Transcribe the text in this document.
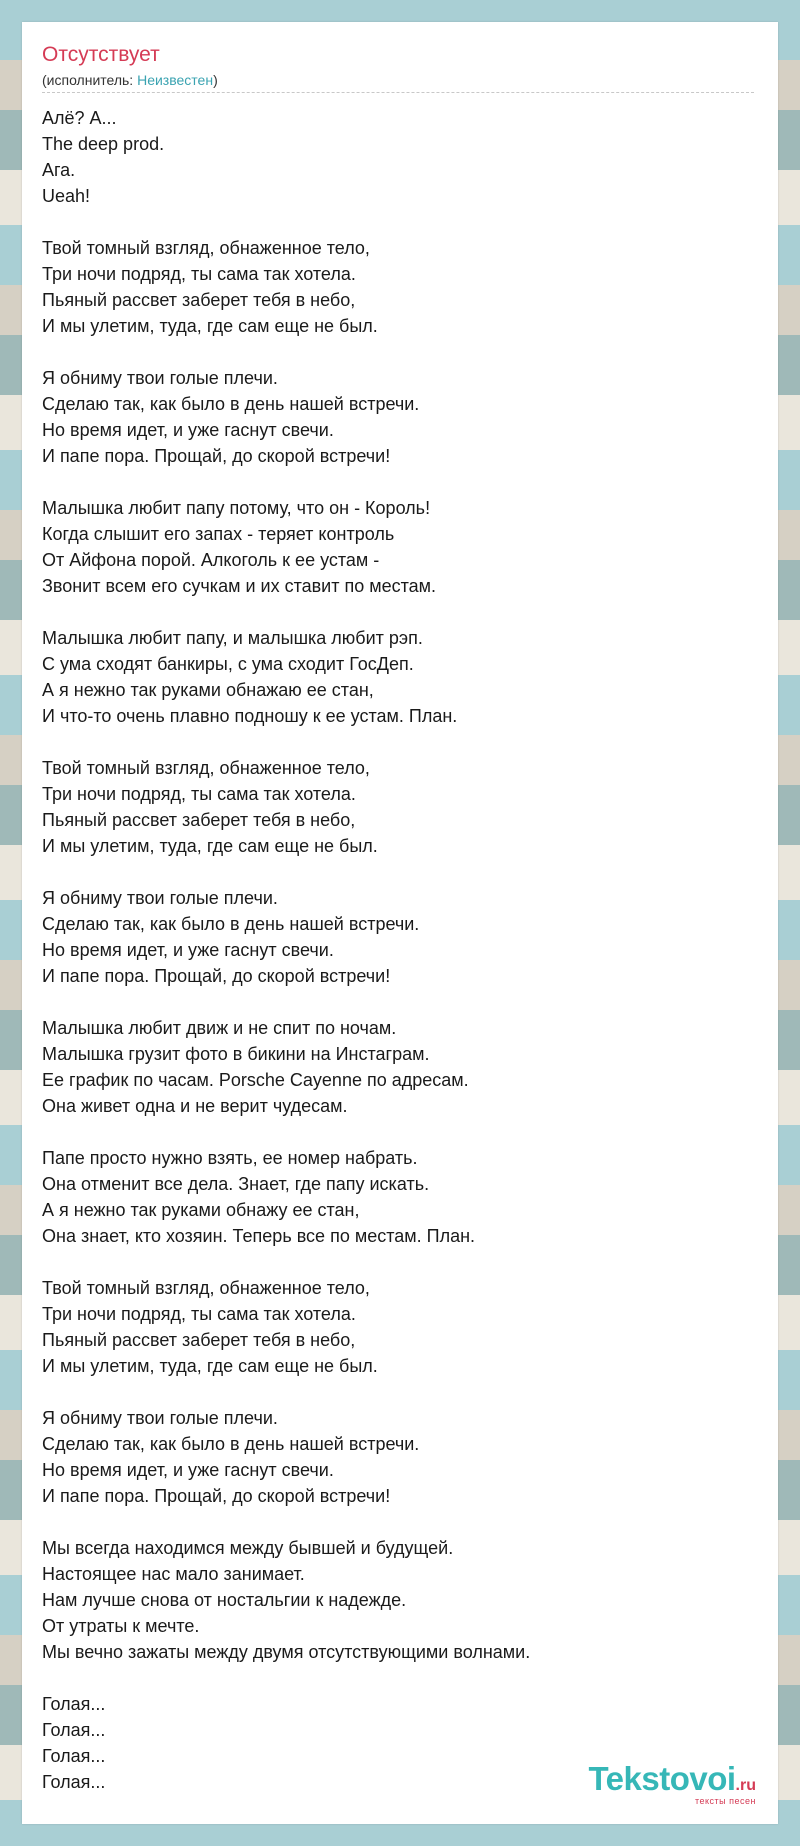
Отсутствует
(исполнитель: Неизвестен)
Алё? А...
The deep prod.
Ага.
Ueah!
Твой томный взгляд, обнаженное тело,
Три ночи подряд, ты сама так хотела.
Пьяный рассвет заберет тебя в небо,
И мы улетим, туда, где сам еще не был.
Я обниму твои голые плечи.
Сделаю так, как было в день нашей встречи.
Но время идет, и уже гаснут свечи.
И папе пора. Прощай, до скорой встречи!
Малышка любит папу потому, что он - Король!
Когда слышит его запах - теряет контроль
От Айфона порой. Алкоголь к ее устам -
Звонит всем его сучкам и их ставит по местам.
Малышка любит папу, и малышка любит рэп.
С ума сходят банкиры, с ума сходит ГосДеп.
А я нежно так руками обнажаю ее стан,
И что-то очень плавно подношу к ее устам. План.
Твой томный взгляд, обнаженное тело,
Три ночи подряд, ты сама так хотела.
Пьяный рассвет заберет тебя в небо,
И мы улетим, туда, где сам еще не был.
Я обниму твои голые плечи.
Сделаю так, как было в день нашей встречи.
Но время идет, и уже гаснут свечи.
И папе пора. Прощай, до скорой встречи!
Малышка любит движ и не спит по ночам.
Малышка грузит фото в бикини на Инстаграм.
Ее график по часам. Porsche Cayenne по адресам.
Она живет одна и не верит чудесам.
Папе просто нужно взять, ее номер набрать.
Она отменит все дела. Знает, где папу искать.
А я нежно так руками обнажу ее стан,
Она знает, кто хозяин. Теперь все по местам. План.
Твой томный взгляд, обнаженное тело,
Три ночи подряд, ты сама так хотела.
Пьяный рассвет заберет тебя в небо,
И мы улетим, туда, где сам еще не был.
Я обниму твои голые плечи.
Сделаю так, как было в день нашей встречи.
Но время идет, и уже гаснут свечи.
И папе пора. Прощай, до скорой встречи!
Мы всегда находимся между бывшей и будущей.
Настоящее нас мало занимает.
Нам лучше снова от ностальгии к надежде.
От утраты к мечте.
Мы вечно зажаты между двумя отсутствующими волнами.
Голая...
Голая...
Голая...
Голая...	Tekstovoi.ru
тексты песен
